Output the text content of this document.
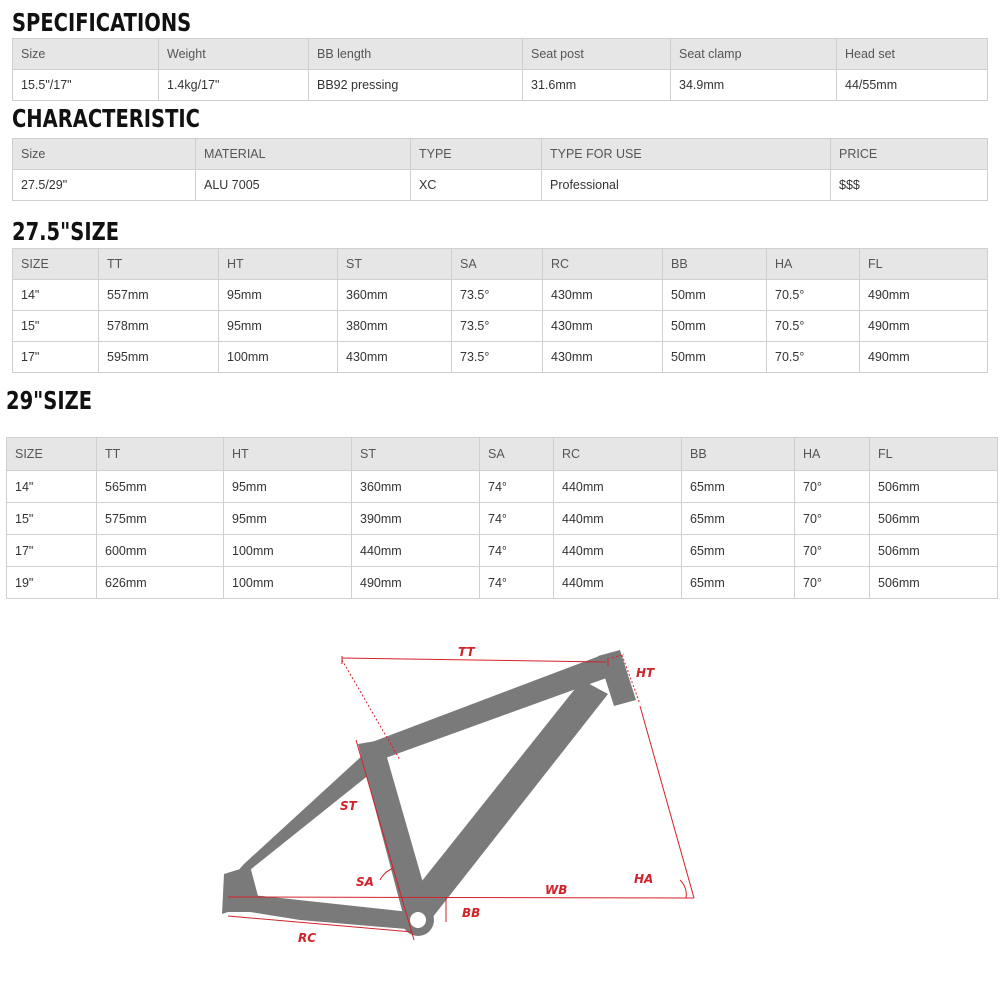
SPECIFICATIONS
Size	Weight	BB length	Seat post	Seat clamp	Head set
15.5"/17"	1.4kg/17"	BB92 pressing	31.6mm	34.9mm	44/55mm
CHARACTERISTIC
Size	MATERIAL	TYPE	TYPE FOR USE	PRICE
27.5/29"	ALU 7005	XC	Professional	$$$
27.5"SIZE
SIZE	TT	HT	ST	SA	RC	BB	HA	FL
14"	557mm	95mm	360mm	73.5°	430mm	50mm	70.5°	490mm
15"	578mm	95mm	380mm	73.5°	430mm	50mm	70.5°	490mm
17"	595mm	100mm	430mm	73.5°	430mm	50mm	70.5°	490mm
29"SIZE
SIZE	TT	HT	ST	SA	RC	BB	HA	FL
14"	565mm	95mm	360mm	74°	440mm	65mm	70°	506mm
15"	575mm	95mm	390mm	74°	440mm	65mm	70°	506mm
17"	600mm	100mm	440mm	74°	440mm	65mm	70°	506mm
19"	626mm	100mm	490mm	74°	440mm	65mm	70°	506mm
TT
HT
ST
SA
WB
HA
BB
RC
